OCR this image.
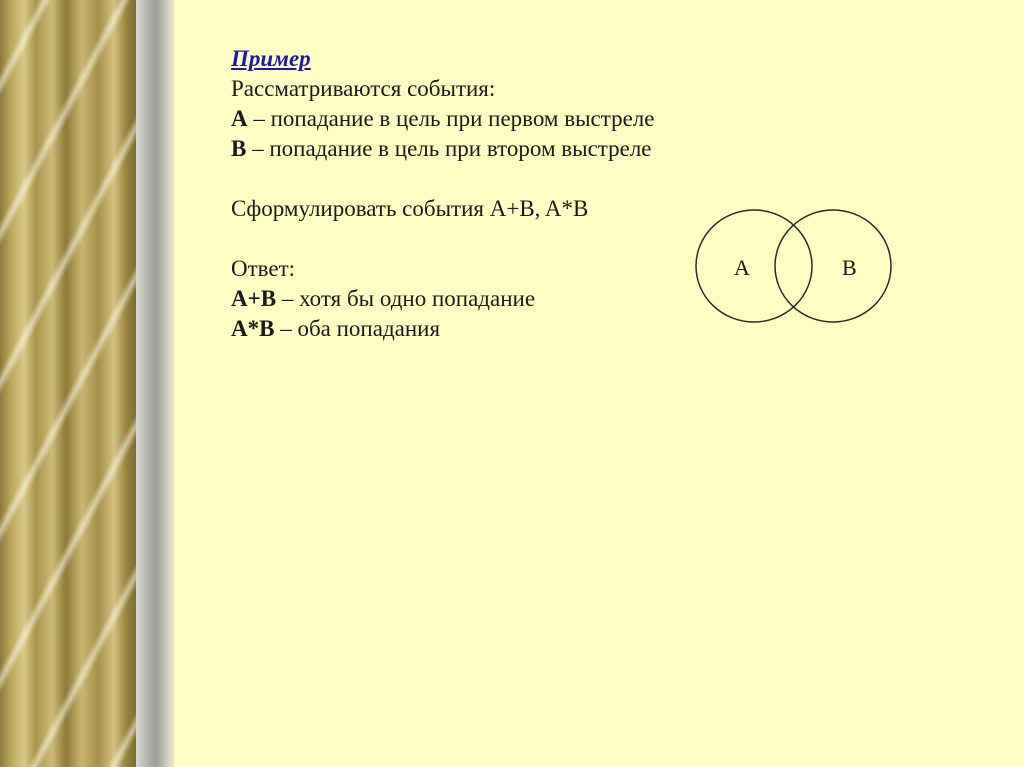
Пример

Рассматриваются события:

A – попадание в цель при первом выстреле

B – попадание в цель при втором выстреле

Сформулировать события A+B, A*B

Ответ:

A+B – хотя бы одно попадание

A*B – оба попадания

A	B
